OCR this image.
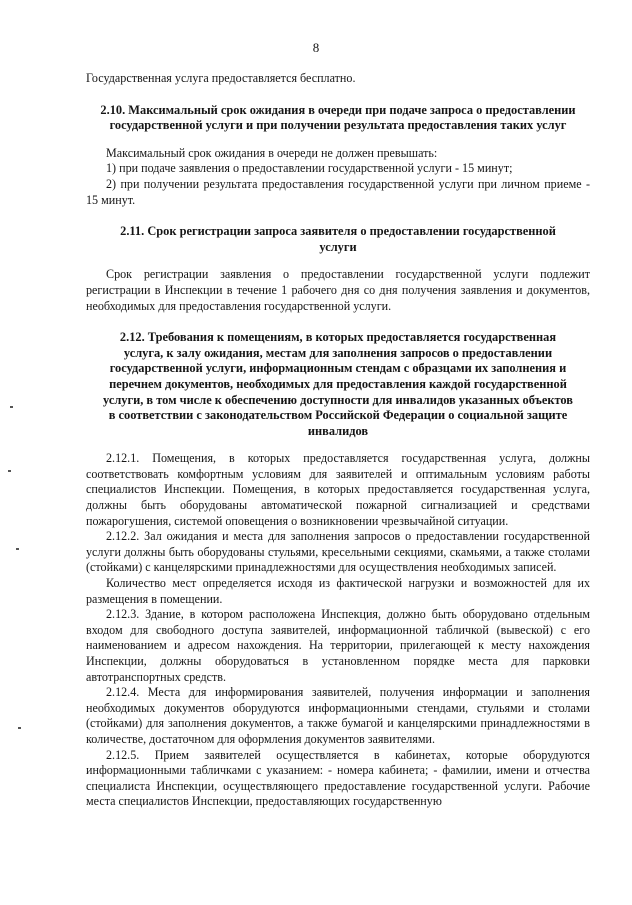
8

Государственная услуга предоставляется бесплатно.

2.10. Максимальный срок ожидания в очереди при подаче запроса о предоставлении государственной услуги и при получении результата предоставления таких услуг

Максимальный срок ожидания в очереди не должен превышать:

1) при подаче заявления о предоставлении государственной услуги - 15 минут;

2) при получении результата предоставления государственной услуги при личном приеме - 15 минут.

2.11. Срок регистрации запроса заявителя о предоставлении государственной услуги

Срок регистрации заявления о предоставлении государственной услуги подлежит регистрации в Инспекции в течение 1 рабочего дня со дня получения заявления и документов, необходимых для предоставления государственной услуги.

2.12. Требования к помещениям, в которых предоставляется государственная услуга, к залу ожидания, местам для заполнения запросов о предоставлении государственной услуги, информационным стендам с образцами их заполнения и перечнем документов, необходимых для предоставления каждой государственной услуги, в том числе к обеспечению доступности для инвалидов указанных объектов в соответствии с законодательством Российской Федерации о социальной защите инвалидов

2.12.1. Помещения, в которых предоставляется государственная услуга, должны соответствовать комфортным условиям для заявителей и оптимальным условиям работы специалистов Инспекции. Помещения, в которых предоставляется государственная услуга, должны быть оборудованы автоматической пожарной сигнализацией и средствами пожарогушения, системой оповещения о возникновении чрезвычайной ситуации.

2.12.2. Зал ожидания и места для заполнения запросов о предоставлении государственной услуги должны быть оборудованы стульями, кресельными секциями, скамьями, а также столами (стойками) с канцелярскими принадлежностями для осуществления необходимых записей.

Количество мест определяется исходя из фактической нагрузки и возможностей для их размещения в помещении.

2.12.3. Здание, в котором расположена Инспекция, должно быть оборудовано отдельным входом для свободного доступа заявителей, информационной табличкой (вывеской) с его наименованием и адресом нахождения. На территории, прилегающей к месту нахождения Инспекции, должны оборудоваться в установленном порядке места для парковки автотранспортных средств.

2.12.4. Места для информирования заявителей, получения информации и заполнения необходимых документов оборудуются информационными стендами, стульями и столами (стойками) для заполнения документов, а также бумагой и канцелярскими принадлежностями в количестве, достаточном для оформления документов заявителями.

2.12.5. Прием заявителей осуществляется в кабинетах, которые оборудуются информационными табличками с указанием: - номера кабинета; - фамилии, имени и отчества специалиста Инспекции, осуществляющего предоставление государственной услуги. Рабочие места специалистов Инспекции, предоставляющих государственную
